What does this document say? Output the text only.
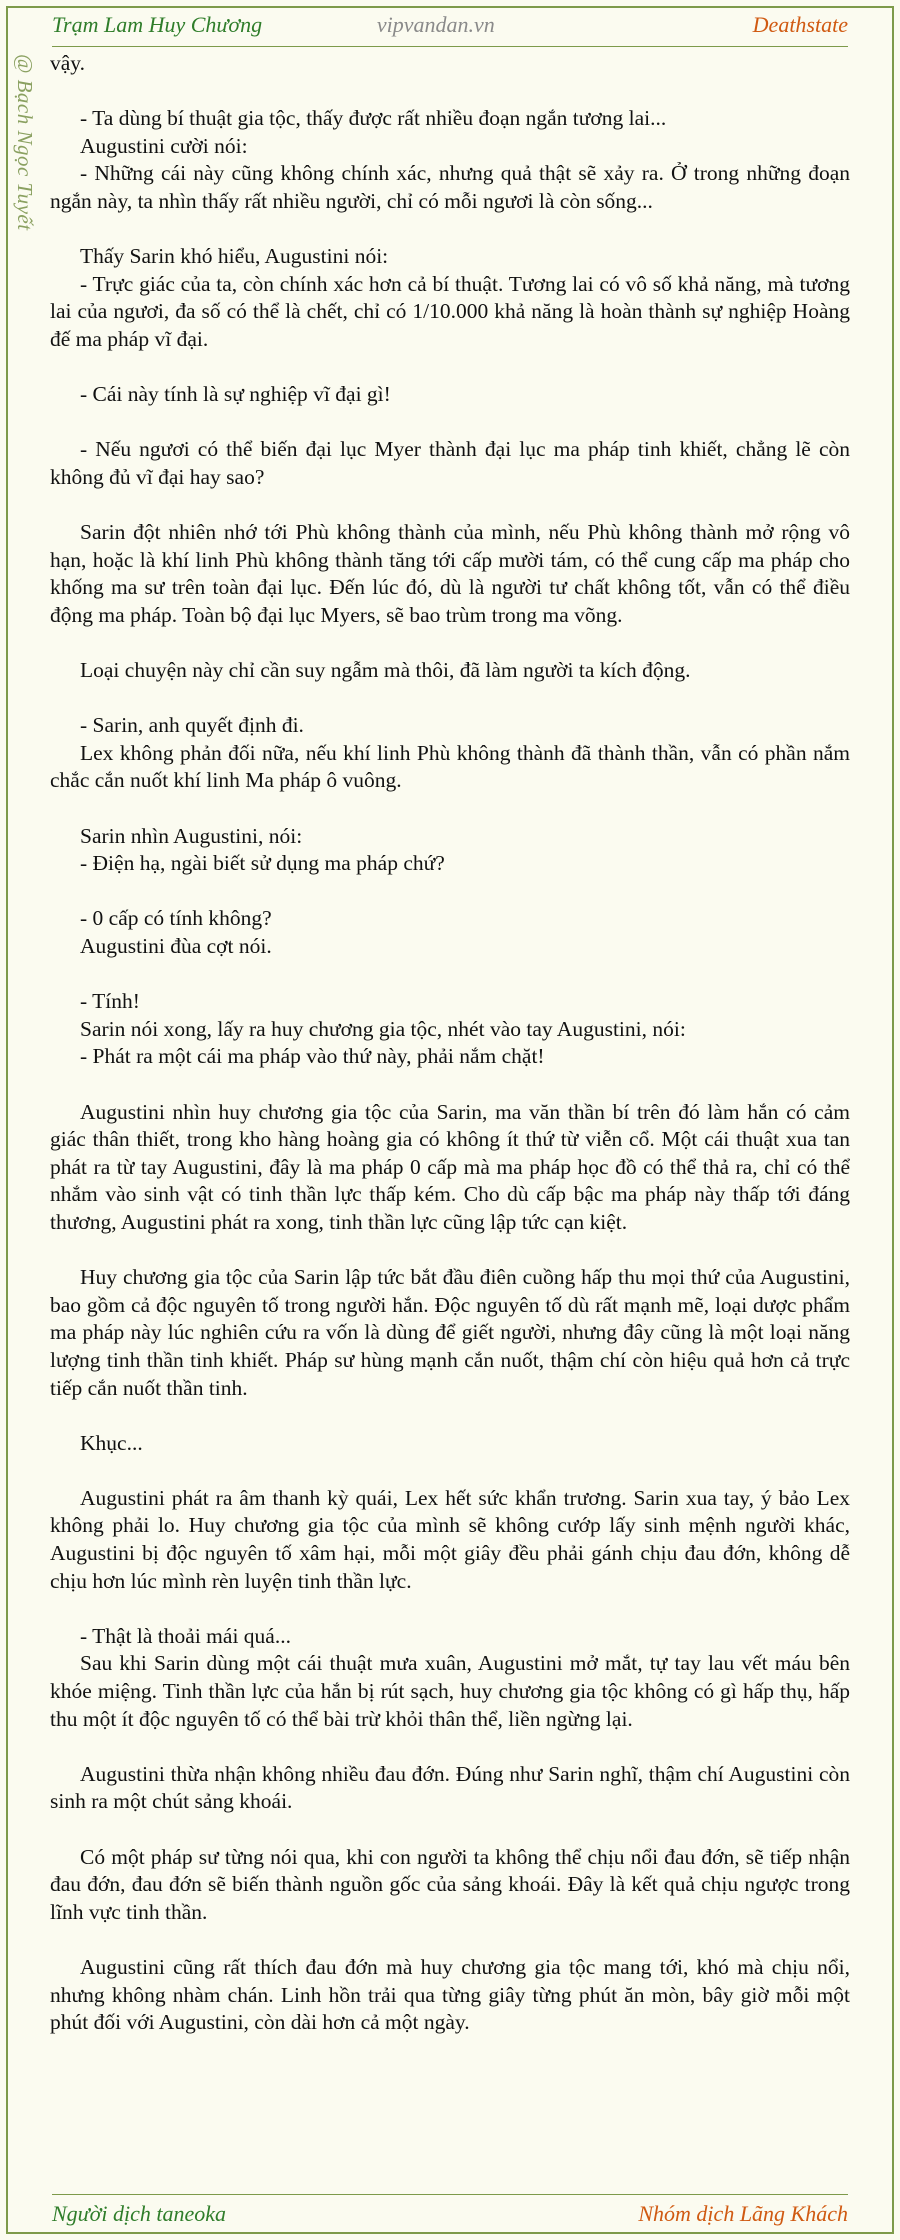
Trạm Lam Huy Chương	vipvandan.vn	Deathstate
@ Bạch Ngọc Tuyết vậy.

- Ta dùng bí thuật gia tộc, thấy được rất nhiều đoạn ngắn tương lai...

Augustini cười nói:

- Những cái này cũng không chính xác, nhưng quả thật sẽ xảy ra. Ở trong những đoạn ngắn này, ta nhìn thấy rất nhiều người, chỉ có mỗi ngươi là còn sống...

Thấy Sarin khó hiểu, Augustini nói:

- Trực giác của ta, còn chính xác hơn cả bí thuật. Tương lai có vô số khả năng, mà tương lai của ngươi, đa số có thể là chết, chỉ có 1/10.000 khả năng là hoàn thành sự nghiệp Hoàng đế ma pháp vĩ đại.

- Cái này tính là sự nghiệp vĩ đại gì!

- Nếu ngươi có thể biến đại lục Myer thành đại lục ma pháp tinh khiết, chẳng lẽ còn không đủ vĩ đại hay sao?

Sarin đột nhiên nhớ tới Phù không thành của mình, nếu Phù không thành mở rộng vô hạn, hoặc là khí linh Phù không thành tăng tới cấp mười tám, có thể cung cấp ma pháp cho khống ma sư trên toàn đại lục. Đến lúc đó, dù là người tư chất không tốt, vẫn có thể điều động ma pháp. Toàn bộ đại lục Myers, sẽ bao trùm trong ma võng.

Loại chuyện này chỉ cần suy ngẫm mà thôi, đã làm người ta kích động.

- Sarin, anh quyết định đi.

Lex không phản đối nữa, nếu khí linh Phù không thành đã thành thần, vẫn có phần nắm chắc cắn nuốt khí linh Ma pháp ô vuông.

Sarin nhìn Augustini, nói:

- Điện hạ, ngài biết sử dụng ma pháp chứ?

- 0 cấp có tính không?

Augustini đùa cợt nói.

- Tính!

Sarin nói xong, lấy ra huy chương gia tộc, nhét vào tay Augustini, nói:

- Phát ra một cái ma pháp vào thứ này, phải nắm chặt!

Augustini nhìn huy chương gia tộc của Sarin, ma văn thần bí trên đó làm hắn có cảm giác thân thiết, trong kho hàng hoàng gia có không ít thứ từ viễn cổ. Một cái thuật xua tan phát ra từ tay Augustini, đây là ma pháp 0 cấp mà ma pháp học đồ có thể thả ra, chỉ có thể nhắm vào sinh vật có tinh thần lực thấp kém. Cho dù cấp bậc ma pháp này thấp tới đáng thương, Augustini phát ra xong, tinh thần lực cũng lập tức cạn kiệt.

Huy chương gia tộc của Sarin lập tức bắt đầu điên cuồng hấp thu mọi thứ của Augustini, bao gồm cả độc nguyên tố trong người hắn. Độc nguyên tố dù rất mạnh mẽ, loại dược phẩm ma pháp này lúc nghiên cứu ra vốn là dùng để giết người, nhưng đây cũng là một loại năng lượng tinh thần tinh khiết. Pháp sư hùng mạnh cắn nuốt, thậm chí còn hiệu quả hơn cả trực tiếp cắn nuốt thần tinh.

Khục...

Augustini phát ra âm thanh kỳ quái, Lex hết sức khẩn trương. Sarin xua tay, ý bảo Lex không phải lo. Huy chương gia tộc của mình sẽ không cướp lấy sinh mệnh người khác, Augustini bị độc nguyên tố xâm hại, mỗi một giây đều phải gánh chịu đau đớn, không dễ chịu hơn lúc mình rèn luyện tinh thần lực.

- Thật là thoải mái quá...

Sau khi Sarin dùng một cái thuật mưa xuân, Augustini mở mắt, tự tay lau vết máu bên khóe miệng. Tinh thần lực của hắn bị rút sạch, huy chương gia tộc không có gì hấp thụ, hấp thu một ít độc nguyên tố có thể bài trừ khỏi thân thể, liền ngừng lại.

Augustini thừa nhận không nhiều đau đớn. Đúng như Sarin nghĩ, thậm chí Augustini còn sinh ra một chút sảng khoái.

Có một pháp sư từng nói qua, khi con người ta không thể chịu nổi đau đớn, sẽ tiếp nhận đau đớn, đau đớn sẽ biến thành nguồn gốc của sảng khoái. Đây là kết quả chịu ngược trong lĩnh vực tinh thần.

Augustini cũng rất thích đau đớn mà huy chương gia tộc mang tới, khó mà chịu nổi, nhưng không nhàm chán. Linh hồn trải qua từng giây từng phút ăn mòn, bây giờ mỗi một phút đối với Augustini, còn dài hơn cả một ngày.

Người dịch taneoka	Nhóm dịch Lãng Khách
